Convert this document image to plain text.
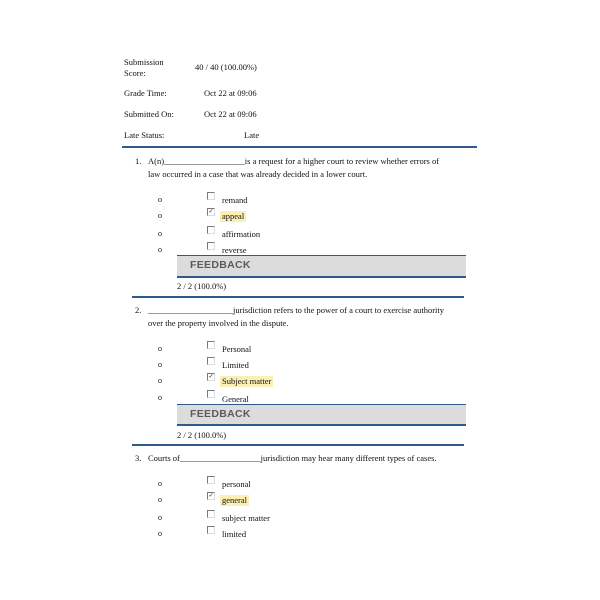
Submission
Score:
40 / 40 (100.00%)
Grade Time:	Oct 22 at 09:06
Submitted On:	Oct 22 at 09:06
Late Status:	Late
1. A(n)___________________is a request for a higher court to review whether errors of
law occurred in a case that was already decided in a lower court.
o	remand
o	✓ appeal
o	affirmation
o	reverse
FEEDBACK
2 / 2 (100.0%)
2. ____________________jurisdiction refers to the power of a court to exercise authority
over the property involved in the dispute.
o	Personal
o	Limited
o	✓ Subject matter
o	General
FEEDBACK
2 / 2 (100.0%)
3. Courts of___________________jurisdiction may hear many different types of cases.
o	personal
o	✓ general
o	subject matter
o	limited
